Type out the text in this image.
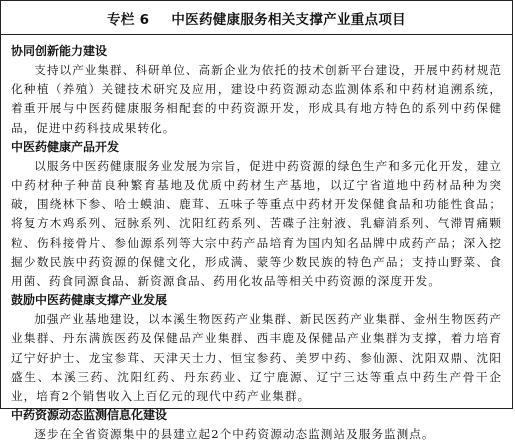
专栏 6 中医药健康服务相关支撑产业重点项目

协同创新能力建设

支持以产业集群、科研单位、高新企业为依托的技术创新平台建设，开展中药材规范化种植（养殖）关键技术研究及应用，建设中药资源动态监测体系和中药材追溯系统，着重开展与中医药健康服务相配套的中药资源开发，形成具有地方特色的系列中药保健品，促进中药科技成果转化。

中医药健康产品开发

以服务中医药健康服务业发展为宗旨，促进中药资源的绿色生产和多元化开发，建立中药材种子种苗良种繁育基地及优质中药材生产基地，以辽宁省道地中药材品种为突破，围绕林下参、哈士蟆油、鹿茸、五味子等重点中药材开发保健食品和功能性食品；将复方木鸡系列、冠脉系列、沈阳红药系列、苦碟子注射液、乳癖消系列、气滞胃痛颗粒、伤科接骨片、参仙源系列等大宗中药产品培育为国内知名品牌中成药产品；深入挖掘少数民族中药资源的保健文化，形成满、蒙等少数民族的特色产品；支持山野菜、食用菌、药食同源食品、新资源食品、药用化妆品等相关中药资源的深度开发。

鼓励中医药健康支撑产业发展

加强产业基地建设，以本溪生物医药产业集群、新民医药产业集群、金州生物医药产业集群、丹东满族医药及保健品产业集群、西丰鹿及保健品产业集群为支撑，着力培育辽宁好护士、龙宝参茸、天津天士力、恒宝参药、美罗中药、参仙源、沈阳双鼎、沈阳盛生、本溪三药、沈阳红药、丹东药业、辽宁鹿源、辽宁三达等重点中药生产骨干企业，培育2个销售收入上百亿元的现代中药产业集群。

中药资源动态监测信息化建设

逐步在全省资源集中的县建立起2个中药资源动态监测站及服务监测点。
